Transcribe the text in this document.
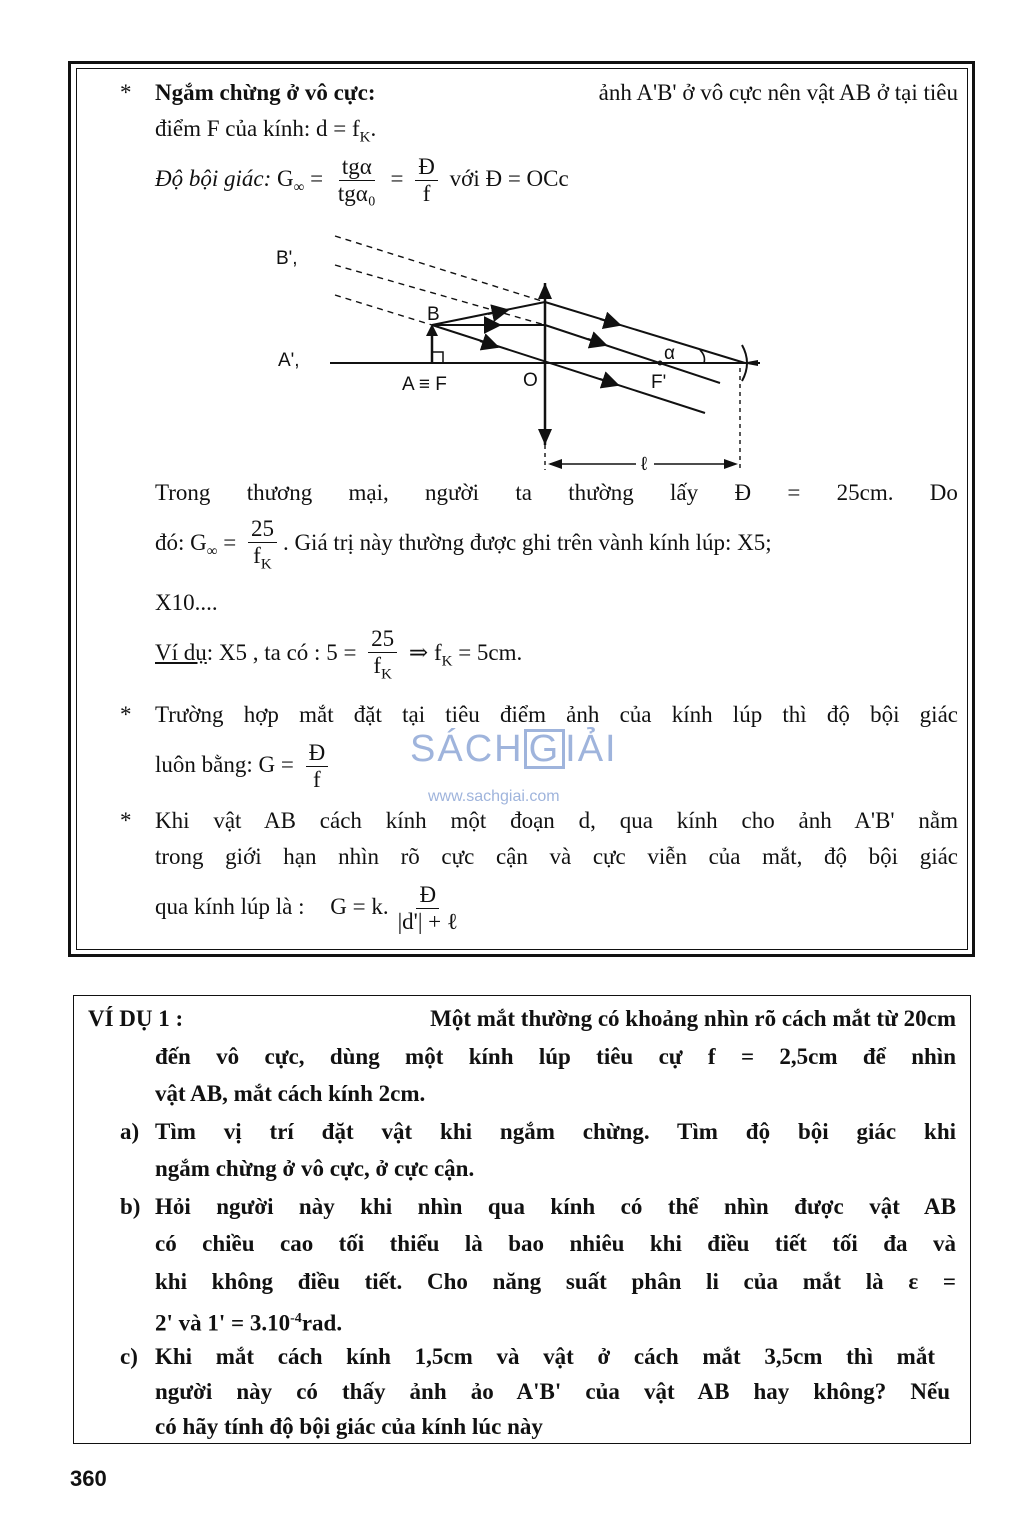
* Ngắm chừng ở vô cực:	ảnh A'B' ở vô cực nên vật AB ở tại tiêu
điểm F của kính: $d = f_K$.
Độ bội giác: $G_\infty = \frac{\text{tgα}}{\text{tgα₀}} = \frac{Đ}{f}$ với Đ = OCc
B',
A',
B
A ≡ F	O	F'
α
ℓ
Trong thương mại, người ta thường lấy Đ = 25cm. Do
đó: $G_\infty = \frac{25}{f_K}$ . Giá trị này thường được ghi trên vành kính lúp: X5;
X10....
Ví dụ: X5 , ta có : $5 = \frac{25}{f_K}$ ⇒ $f_K = 5cm$.
* Trường hợp mắt đặt tại tiêu điểm ảnh của kính lúp thì độ bội giác
luôn bằng: $G = \frac{Đ}{f}$ SÁCH G IẢI
www.sachgiai.com
* Khi vật AB cách kính một đoạn d, qua kính cho ảnh A'B' nằm
trong giới hạn nhìn rõ cực cận và cực viễn của mắt, độ bội giác
qua kính lúp là : G = k. $\frac{Đ}{\text{|d'| + ℓ}}$
VÍ DỤ 1 :	Một mắt thường có khoảng nhìn rõ cách mắt từ 20cm
đến vô cực, dùng một kính lúp tiêu cự f = 2,5cm để nhìn
vật AB, mắt cách kính 2cm.
a) Tìm vị trí đặt vật khi ngắm chừng. Tìm độ bội giác khi
ngắm chừng ở vô cực, ở cực cận.
b) Hỏi người này khi nhìn qua kính có thể nhìn được vật AB
có chiều cao tối thiểu là bao nhiêu khi điều tiết tối đa và
khi không điều tiết. Cho năng suất phân li của mắt là ε =
2' và $1' = 3.10^{-4}rad$.
c) Khi mắt cách kính 1,5cm và vật ở cách mắt 3,5cm thì mắt
người này có thấy ảnh ảo A'B' của vật AB hay không? Nếu
có hãy tính độ bội giác của kính lúc này
360
